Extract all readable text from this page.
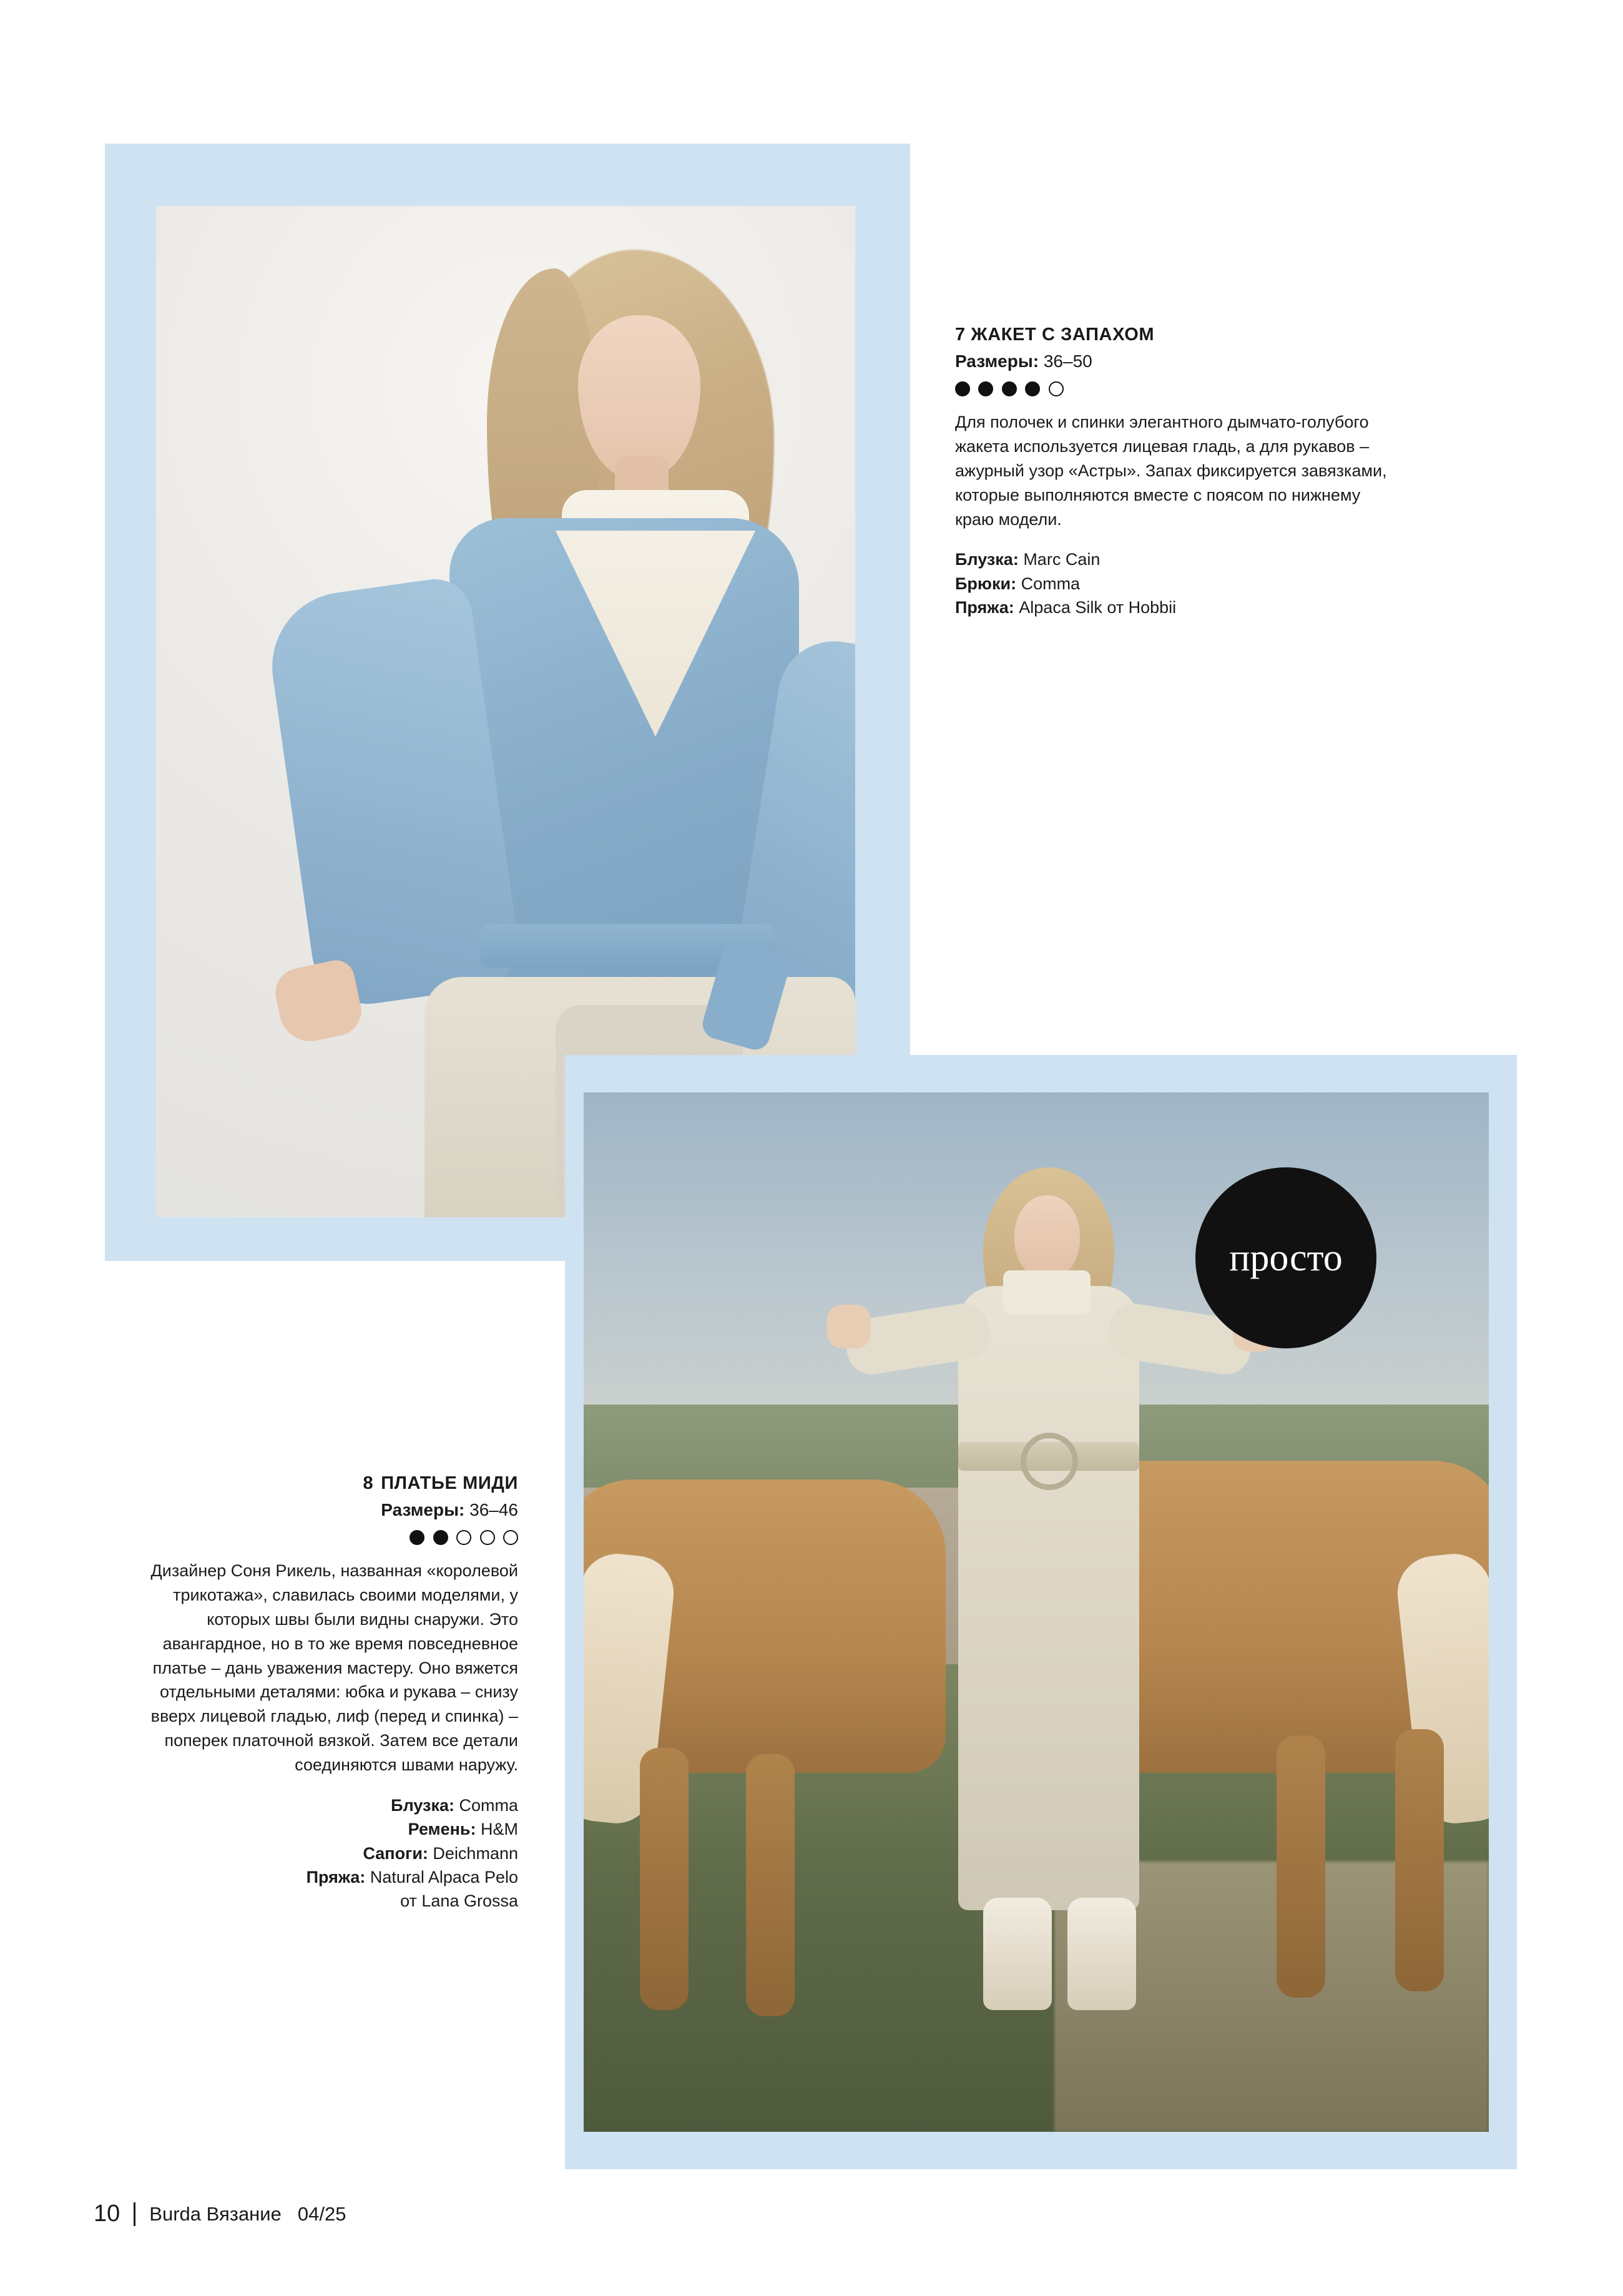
7 ЖАКЕТ С ЗАПАХОМ
Размеры: 36–50

Для полочек и спинки элегантного дымчато-голубого жакета используется лицевая гладь, а для рукавов – ажурный узор «Астры». Запах фиксируется завязками, которые выполняются вместе с поясом по нижнему краю модели.
Блузка: Marc Cain
Брюки: Comma
Пряжа: Alpaca Silk от Hobbii
просто
8 ПЛАТЬЕ МИДИ
Размеры: 36–46

Дизайнер Соня Рикель, названная «королевой трикотажа», славилась своими моделями, у которых швы были видны снаружи. Это авангардное, но в то же время повседневное платье – дань уважения мастеру. Оно вяжется отдельными деталями: юбка и рукава – снизу вверх лицевой гладью, лиф (перед и спинка) – поперек платочной вязкой. Затем все детали соединяются швами наружу.
Блузка: Comma
Ремень: H&M
Сапоги: Deichmann
Пряжа: Natural Alpaca Pelo
от Lana Grossa
10 Burda Вязание 04/25
